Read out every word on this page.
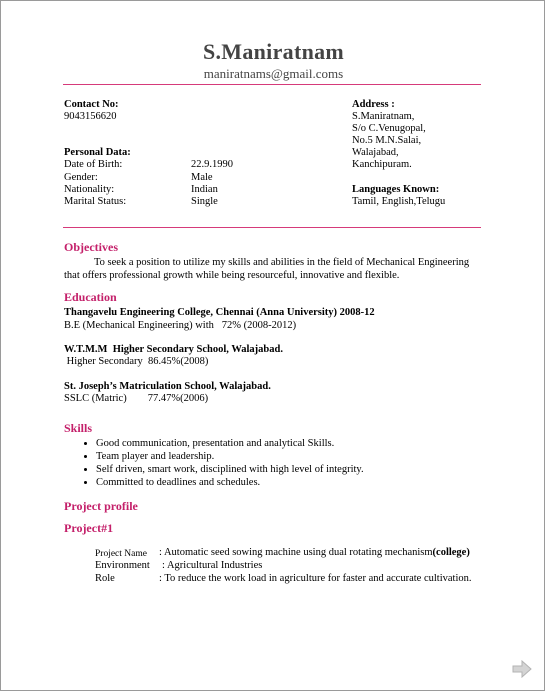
S.Maniratnam
maniratnams@gmail.coms
Contact No:
9043156620
Personal Data:
Date of Birth:	22.9.1990
Gender:	Male
Nationality:	Indian
Marital Status:	Single
Address :
S.Maniratnam,
S/o C.Venugopal,
No.5 M.N.Salai,
Walajabad,
Kanchipuram.
Languages Known:
Tamil, English,Telugu
Objectives
To seek a position to utilize my skills and abilities in the field of Mechanical Engineering
that offers professional growth while being resourceful, innovative and flexible.
Education
Thangavelu Engineering College, Chennai (Anna University) 2008-12
B.E (Mechanical Engineering) with   72% (2008-2012)
W.T.M.M  Higher Secondary School, Walajabad.
Higher Secondary  86.45%(2008)
St. Joseph’s Matriculation School, Walajabad.
SSLC (Matric)        77.47%(2006)
Skills
• Good communication, presentation and analytical Skills.
• Team player and leadership.
• Self driven, smart work, disciplined with high level of integrity.
• Committed to deadlines and schedules.
Project profile
Project#1
Project Name : Automatic seed sowing machine using dual rotating mechanism(college)
Environment : Agricultural Industries
Role	: To reduce the work load in agriculture for faster and accurate cultivation.
